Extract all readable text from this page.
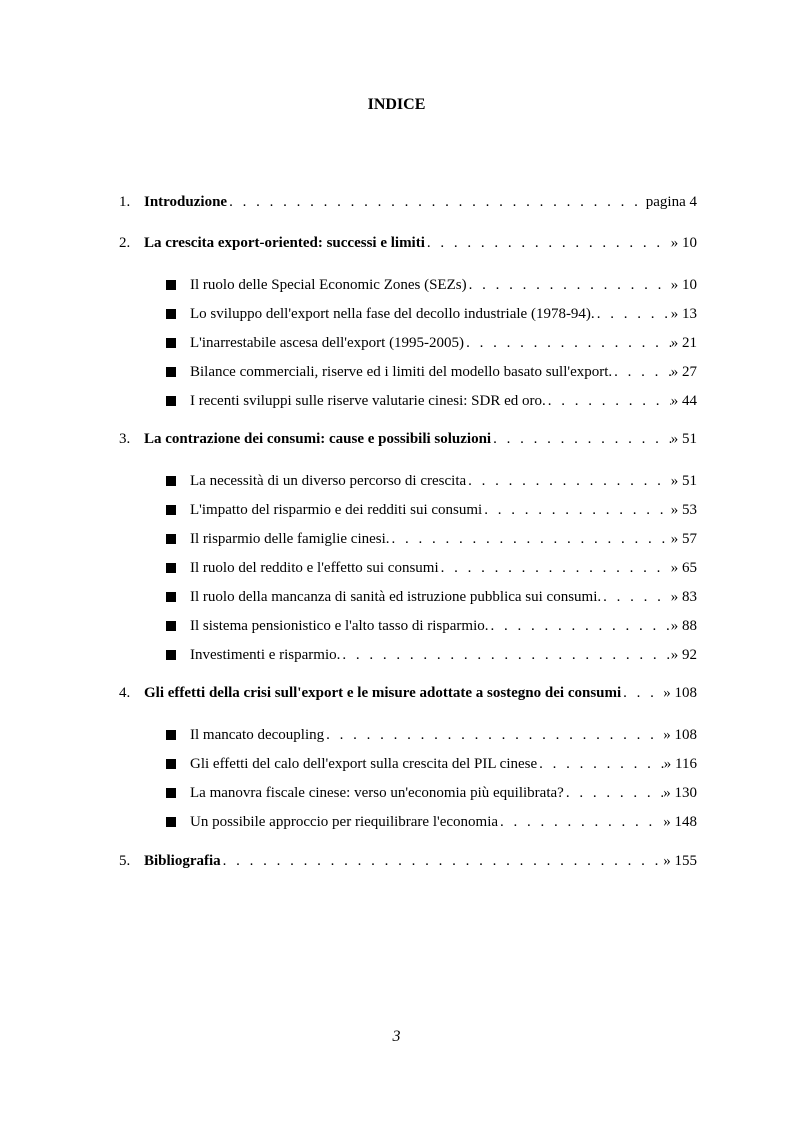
INDICE
1. Introduzione . . .	pagina 4
2. La crescita export-oriented: successi e limiti . . .	» 10
Il ruolo delle Special Economic Zones (SEZs) . . .	» 10
Lo sviluppo dell'export nella fase del decollo industriale (1978-94). . . .	» 13
L'inarrestabile ascesa dell'export (1995-2005) . . .	» 21
Bilance commerciali, riserve ed i limiti del modello basato sull'export. . . .	» 27
I recenti sviluppi sulle riserve valutarie cinesi: SDR ed oro. . . .	» 44
3. La contrazione dei consumi: cause e possibili soluzioni . . .	» 51
La necessità di un diverso percorso di crescita . . .	» 51
L'impatto del risparmio e dei redditi sui consumi . . .	» 53
Il risparmio delle famiglie cinesi. . . .	» 57
Il ruolo del reddito e l'effetto sui consumi . . .	» 65
Il ruolo della mancanza di sanità ed istruzione pubblica sui consumi. . . .	» 83
Il sistema pensionistico e l'alto tasso di risparmio. . . .	» 88
Investimenti e risparmio. . . .	» 92
4. Gli effetti della crisi sull'export e le misure adottate a sostegno dei consumi . . .	» 108
Il mancato decoupling . . .	» 108
Gli effetti del calo dell'export sulla crescita del PIL cinese . . .	» 116
La manovra fiscale cinese: verso un'economia più equilibrata? . . .	» 130
Un possibile approccio per riequilibrare l'economia . . .	» 148
5. Bibliografia . . .	» 155
3
